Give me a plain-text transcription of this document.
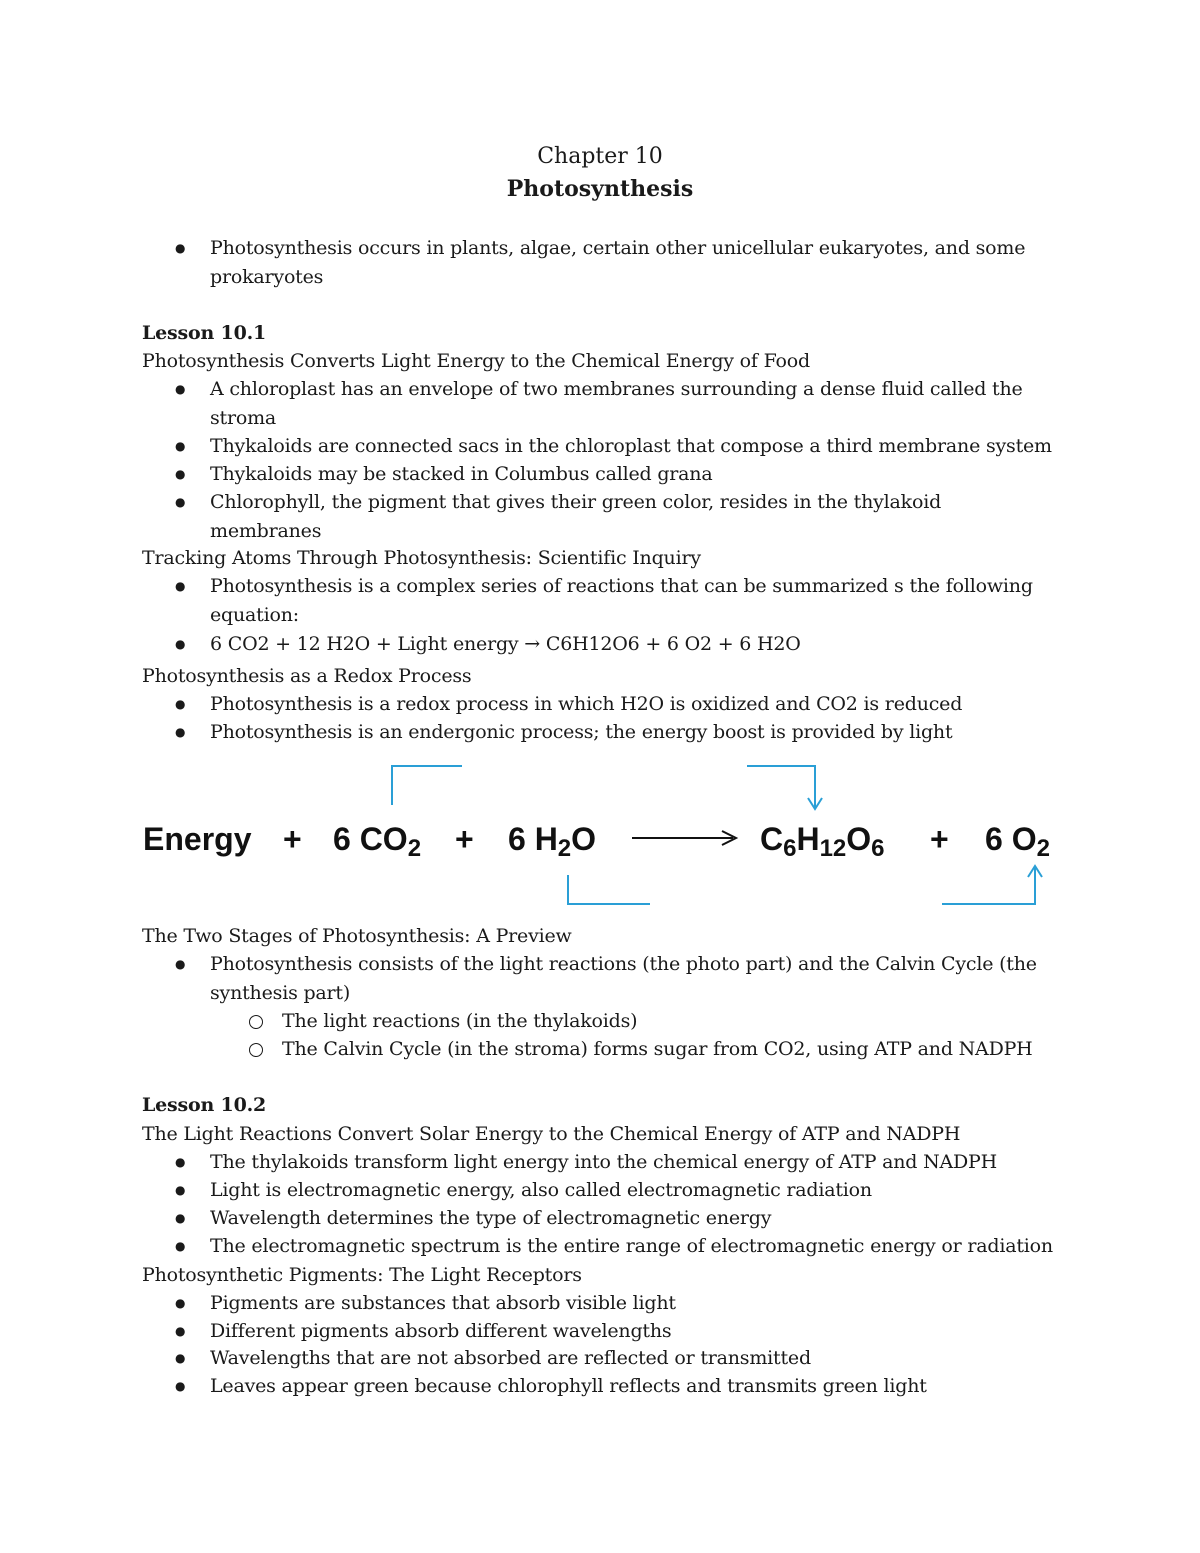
Chapter 10
Photosynthesis
● Photosynthesis occurs in plants, algae, certain other unicellular eukaryotes, and some
prokaryotes
Lesson 10.1
Photosynthesis Converts Light Energy to the Chemical Energy of Food
● A chloroplast has an envelope of two membranes surrounding a dense fluid called the
stroma
● Thykaloids are connected sacs in the chloroplast that compose a third membrane system
● Thykaloids may be stacked in Columbus called grana
● Chlorophyll, the pigment that gives their green color, resides in the thylakoid
membranes
Tracking Atoms Through Photosynthesis: Scientific Inquiry
● Photosynthesis is a complex series of reactions that can be summarized s the following
equation:
● 6 CO2 + 12 H2O + Light energy → C6H12O6 + 6 O2 + 6 H2O
Photosynthesis as a Redox Process
● Photosynthesis is a redox process in which H2O is oxidized and CO2 is reduced
● Photosynthesis is an endergonic process; the energy boost is provided by light
Energy + 6 CO2 + 6 H2O	C6H12O6 + 6 O2
The Two Stages of Photosynthesis: A Preview
● Photosynthesis consists of the light reactions (the photo part) and the Calvin Cycle (the
synthesis part)
The light reactions (in the thylakoids)
The Calvin Cycle (in the stroma) forms sugar from CO2, using ATP and NADPH
Lesson 10.2
The Light Reactions Convert Solar Energy to the Chemical Energy of ATP and NADPH
● The thylakoids transform light energy into the chemical energy of ATP and NADPH
● Light is electromagnetic energy, also called electromagnetic radiation
● Wavelength determines the type of electromagnetic energy
● The electromagnetic spectrum is the entire range of electromagnetic energy or radiation
Photosynthetic Pigments: The Light Receptors
● Pigments are substances that absorb visible light
● Different pigments absorb different wavelengths
● Wavelengths that are not absorbed are reflected or transmitted
● Leaves appear green because chlorophyll reflects and transmits green light
